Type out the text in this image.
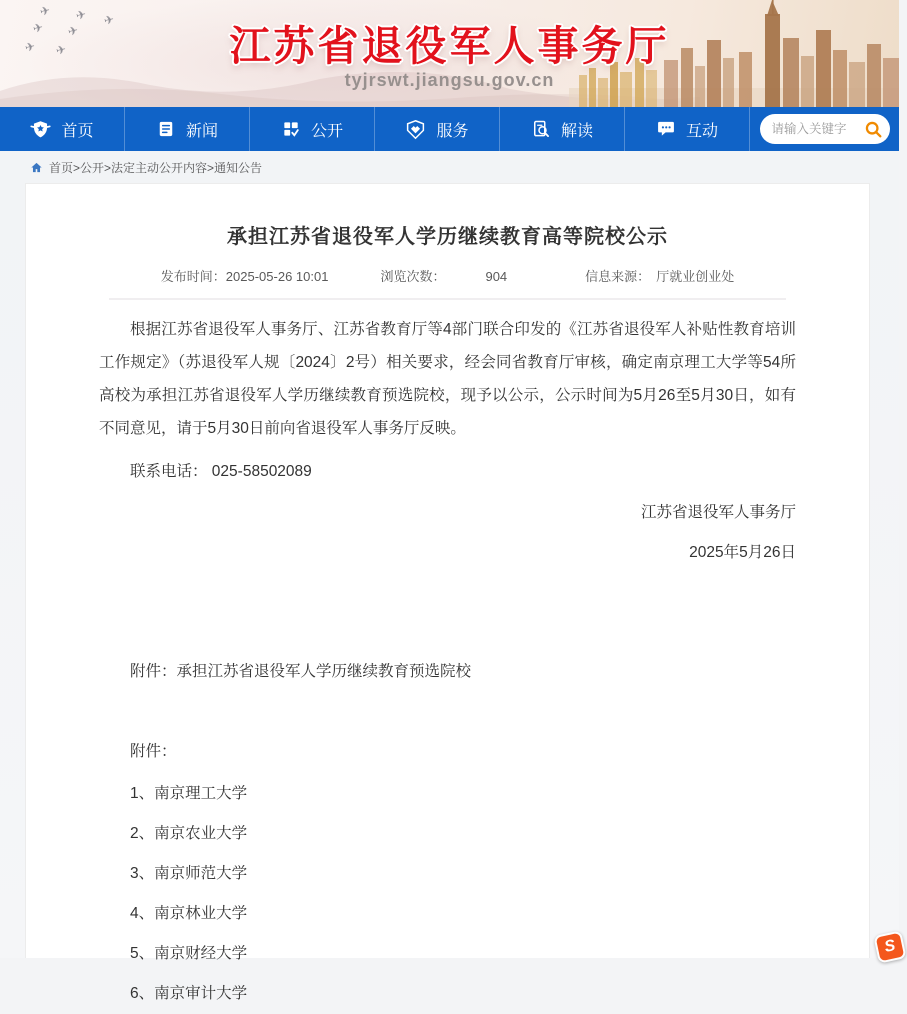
✈ ✈ ✈
✈ ✈
✈ ✈	江苏省退役军人事务厅
tyjrswt.jiangsu.gov.cn
首页	新闻	公开	服务	解读	互动
请输入关键字
首页>公开>法定主动公开内容>通知公告
承担江苏省退役军人学历继续教育高等院校公示
发布时间：2025-05-26 10:01	浏览次数：	904	信息来源： 厅就业创业处

根据江苏省退役军人事务厅、江苏省教育厅等4部门联合印发的《江苏省退役军人补贴性教育培训工作规定》（苏退役军人规〔2024〕2号）相关要求，经会同省教育厅审核，确定南京理工大学等54所高校为承担江苏省退役军人学历继续教育预选院校，现予以公示，公示时间为5月26至5月30日，如有不同意见，请于5月30日前向省退役军人事务厅反映。

联系电话： 025-58502089

江苏省退役军人事务厅

2025年5月26日

附件：承担江苏省退役军人学历继续教育预选院校

附件：

1、南京理工大学
2、南京农业大学
3、南京师范大学
4、南京林业大学
5、南京财经大学
6、南京审计大学
S
